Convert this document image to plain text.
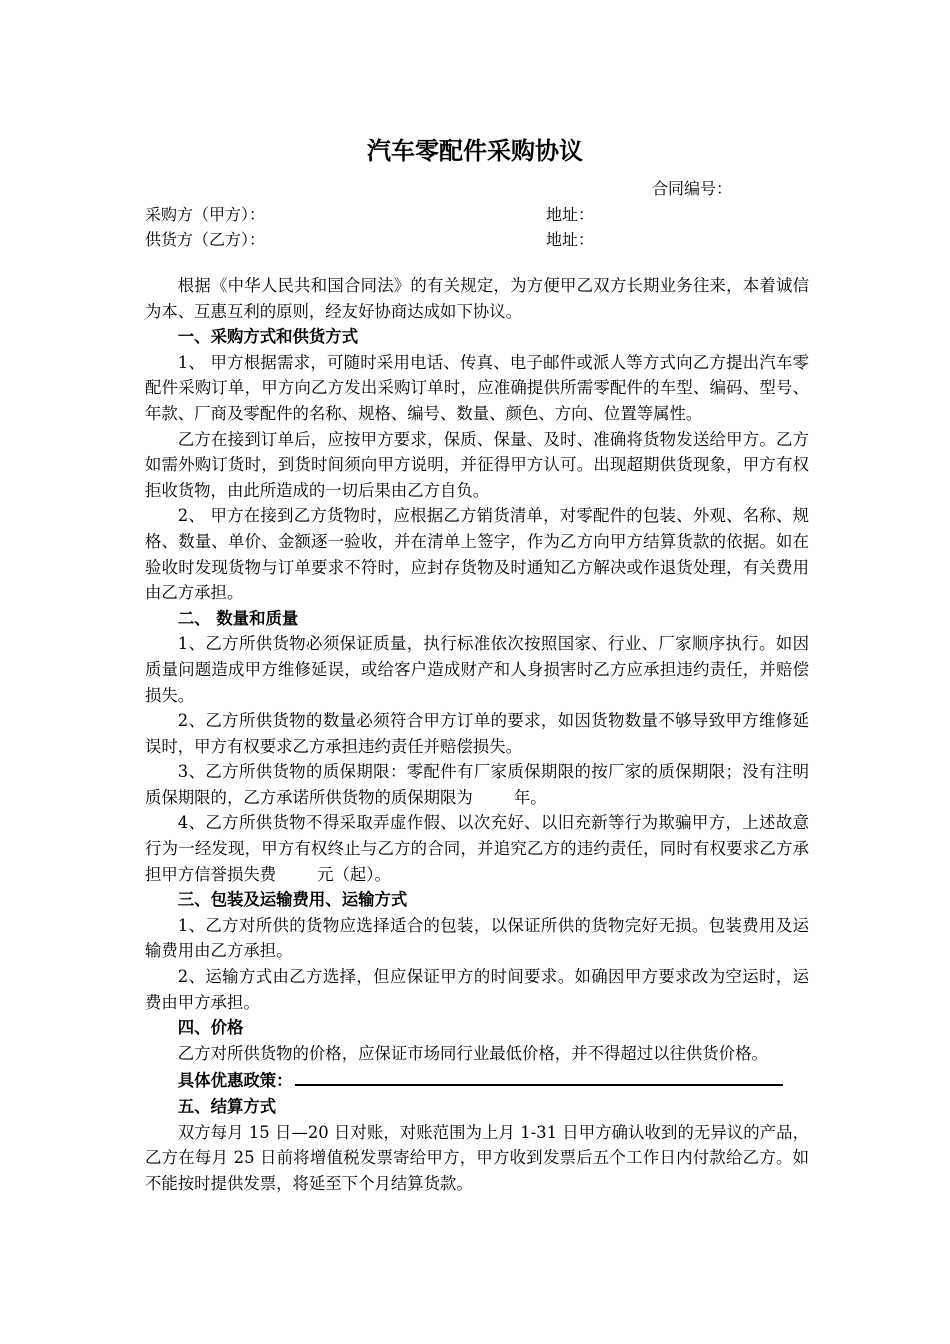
汽车零配件采购协议
合同编号：
采购方（甲方）：	地址：
供货方（乙方）：	地址：

根据《中华人民共和国合同法》的有关规定，为方便甲乙双方长期业务往来，本着诚信为本、互惠互利的原则，经友好协商达成如下协议。

一、采购方式和供货方式

1、 甲方根据需求，可随时采用电话、传真、电子邮件或派人等方式向乙方提出汽车零配件采购订单，甲方向乙方发出采购订单时，应准确提供所需零配件的车型、编码、型号、年款、厂商及零配件的名称、规格、编号、数量、颜色、方向、位置等属性。

乙方在接到订单后，应按甲方要求，保质、保量、及时、准确将货物发送给甲方。乙方如需外购订货时，到货时间须向甲方说明，并征得甲方认可。出现超期供货现象，甲方有权拒收货物，由此所造成的一切后果由乙方自负。

2、 甲方在接到乙方货物时，应根据乙方销货清单，对零配件的包装、外观、名称、规格、数量、单价、金额逐一验收，并在清单上签字，作为乙方向甲方结算货款的依据。如在验收时发现货物与订单要求不符时，应封存货物及时通知乙方解决或作退货处理，有关费用由乙方承担。

二、 数量和质量

1、乙方所供货物必须保证质量，执行标准依次按照国家、行业、厂家顺序执行。如因质量问题造成甲方维修延误，或给客户造成财产和人身损害时乙方应承担违约责任，并赔偿损失。

2、乙方所供货物的数量必须符合甲方订单的要求，如因货物数量不够导致甲方维修延误时，甲方有权要求乙方承担违约责任并赔偿损失。

3、乙方所供货物的质保期限：零配件有厂家质保期限的按厂家的质保期限；没有注明质保期限的，乙方承诺所供货物的质保期限为	年。

4、乙方所供货物不得采取弄虚作假、以次充好、以旧充新等行为欺骗甲方，上述故意行为一经发现，甲方有权终止与乙方的合同，并追究乙方的违约责任，同时有权要求乙方承担甲方信誉损失费	元（起）。

三、包装及运输费用、运输方式

1、乙方对所供的货物应选择适合的包装，以保证所供的货物完好无损。包装费用及运输费用由乙方承担。

2、运输方式由乙方选择，但应保证甲方的时间要求。如确因甲方要求改为空运时，运费由甲方承担。

四、价格

乙方对所供货物的价格，应保证市场同行业最低价格，并不得超过以往供货价格。

具体优惠政策：

五、结算方式

双方每月 15 日—20 日对账，对账范围为上月 1-31 日甲方确认收到的无异议的产品，乙方在每月 25 日前将增值税发票寄给甲方，甲方收到发票后五个工作日内付款给乙方。如不能按时提供发票，将延至下个月结算货款。
